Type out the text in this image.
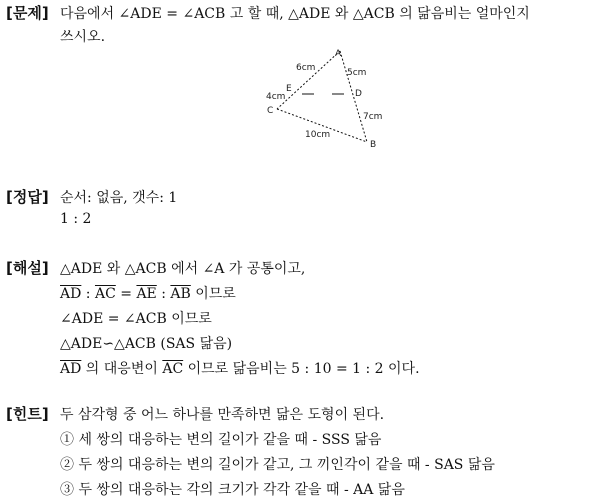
[문제] 다음에서 ∠ADE = ∠ACB 고 할 때, △ADE 와 △ACB 의 닮음비는 얼마인지
쓰시오.
A
B
C
D
E
6cm	5cm
4cm
7cm
10cm
[정답] 순서: 없음, 갯수: 1
1 : 2
[해설] △ADE 와 △ACB 에서 ∠A 가 공통이고,
$\overline{AD}$ : $\overline{AC} = \overline{AE}$ : $\overline{AB}$ 이므로
∠ADE = ∠ACB 이므로
△ADE∽△ACB (SAS 닮음)
$\overline{AD}$ 의 대응변이 $\overline{AC}$ 이므로 닮음비는 5 : 10 = 1 : 2 이다.
[힌트] 두 삼각형 중 어느 하나를 만족하면 닮은 도형이 된다.
① 세 쌍의 대응하는 변의 길이가 같을 때 - SSS 닮음
② 두 쌍의 대응하는 변의 길이가 같고, 그 끼인각이 같을 때 - SAS 닮음
③ 두 쌍의 대응하는 각의 크기가 각각 같을 때 - AA 닮음
